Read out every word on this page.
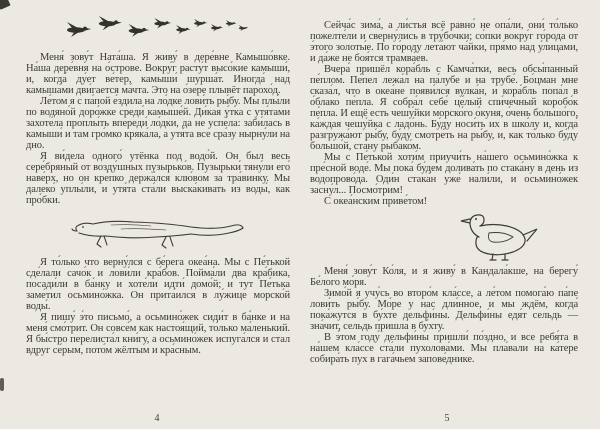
Меня́ зову́т Ната́ша. Я живу́ в дере́вне Камышо́вке. На́ша дере́вня на о́строве. Вокру́г расту́т высо́кие камыши́, и, когда́ ду́ет ве́тер, камыши́ шурша́т. Иногда́ над камыша́ми дви́гается ма́чта. Это на о́зере плывёт парохо́д.

Ле́том я с па́пой е́здила на ло́дке лови́ть ры́бу. Мы плы́ли по водяно́й доро́жке среди́ камыше́й. Ди́кая у́тка с утя́тами захоте́ла проплы́ть впереди́ ло́дки, да не успе́ла: заби́лась в камыши́ и там гро́мко кряка́ла, а утя́та все сра́зу нырну́ли на дно.

Я ви́дела одного́ утёнка под водо́й. Он был весь сере́бряный от возду́шных пузырько́в. Пузырьки́ тяну́ли его́ наве́рх, но он кре́пко держа́лся клю́вом за тра́винку. Мы далеко́ уплы́ли, и утя́та ста́ли выска́кивать из воды́, как про́бки.

Я то́лько что верну́лся с бе́рега океа́на. Мы с Пе́тькой сде́лали сачо́к и лови́ли кра́бов. Пойма́ли два кра́бика, посади́ли в ба́нку и хоте́ли идти́ домо́й; и тут Пе́тька заме́тил осьмино́жка. Он прита́ился в лу́жице морско́й воды́.

Я пишу́ э́то письмо́, а осьмино́жек сиди́т в ба́нке и на меня́ смо́трит. Он совсе́м как настоя́щий, то́лько ма́ленький. Я бы́стро перелиста́л кни́гу, а осьмино́жек испуга́лся и стал вдруг се́рым, пото́м жёлтым и кра́сным.

4

Сейча́с зима́, а ли́стья всё равно́ не опа́ли, они́ то́лько пожелте́ли и сверну́лись в тру́бочки; со́пки вокру́г го́рода от э́того золоты́е. По го́роду лета́ют ча́йки, пря́мо над у́лицами, и да́же не боя́тся трамва́ев.

Вчера́ пришёл кора́бль с Камча́тки, весь обсы́панный пе́плом. Пе́пел лежа́л на па́лубе и на трубе́. Бо́цман мне сказа́л, что в океа́не появи́лся вулка́н, и кора́бль попа́л в о́блако пе́пла. Я собра́л себе́ це́лый спи́чечный коробо́к пе́пла. И ещё есть чешу́йки морско́го о́куня, о́чень большо́го, ка́ждая чешу́йка с ладо́нь. Бу́ду носи́ть их в шко́лу и, когда́ разгружа́ют ры́бу, бу́ду смотре́ть на ры́бу, и, как то́лько бу́ду большо́й, ста́ну рыбако́м.

Мы с Пе́тькой хоти́м приучи́ть на́шего осьмино́жка к пре́сной воде́. Мы пока́ бу́дем долива́ть по стака́ну в день из водопрово́да. Оди́н стака́н уже́ нали́ли, и осьмино́жек засну́л... Посмо́трим!

С океа́нским приве́том!

Меня́ зову́т Ко́ля, и я живу́ в Кандала́кше, на берегу́ Бе́лого мо́ря.

Зимо́й я учу́сь во второ́м кла́ссе, а ле́том помога́ю па́пе лови́ть ры́бу. Мо́ре у нас дли́нное, и мы ждём, когда́ пока́жутся в бу́хте дельфи́ны. Дельфи́ны едя́т сельдь — зна́чит, сельдь пришла́ в бу́хту.

В э́том году́ дельфи́ны пришли́ по́здно, и все ребя́та в на́шем кла́ссе ста́ли пухолова́ми. Мы пла́вали на ка́тере собира́ть пух в гага́чьем запове́днике.

5
